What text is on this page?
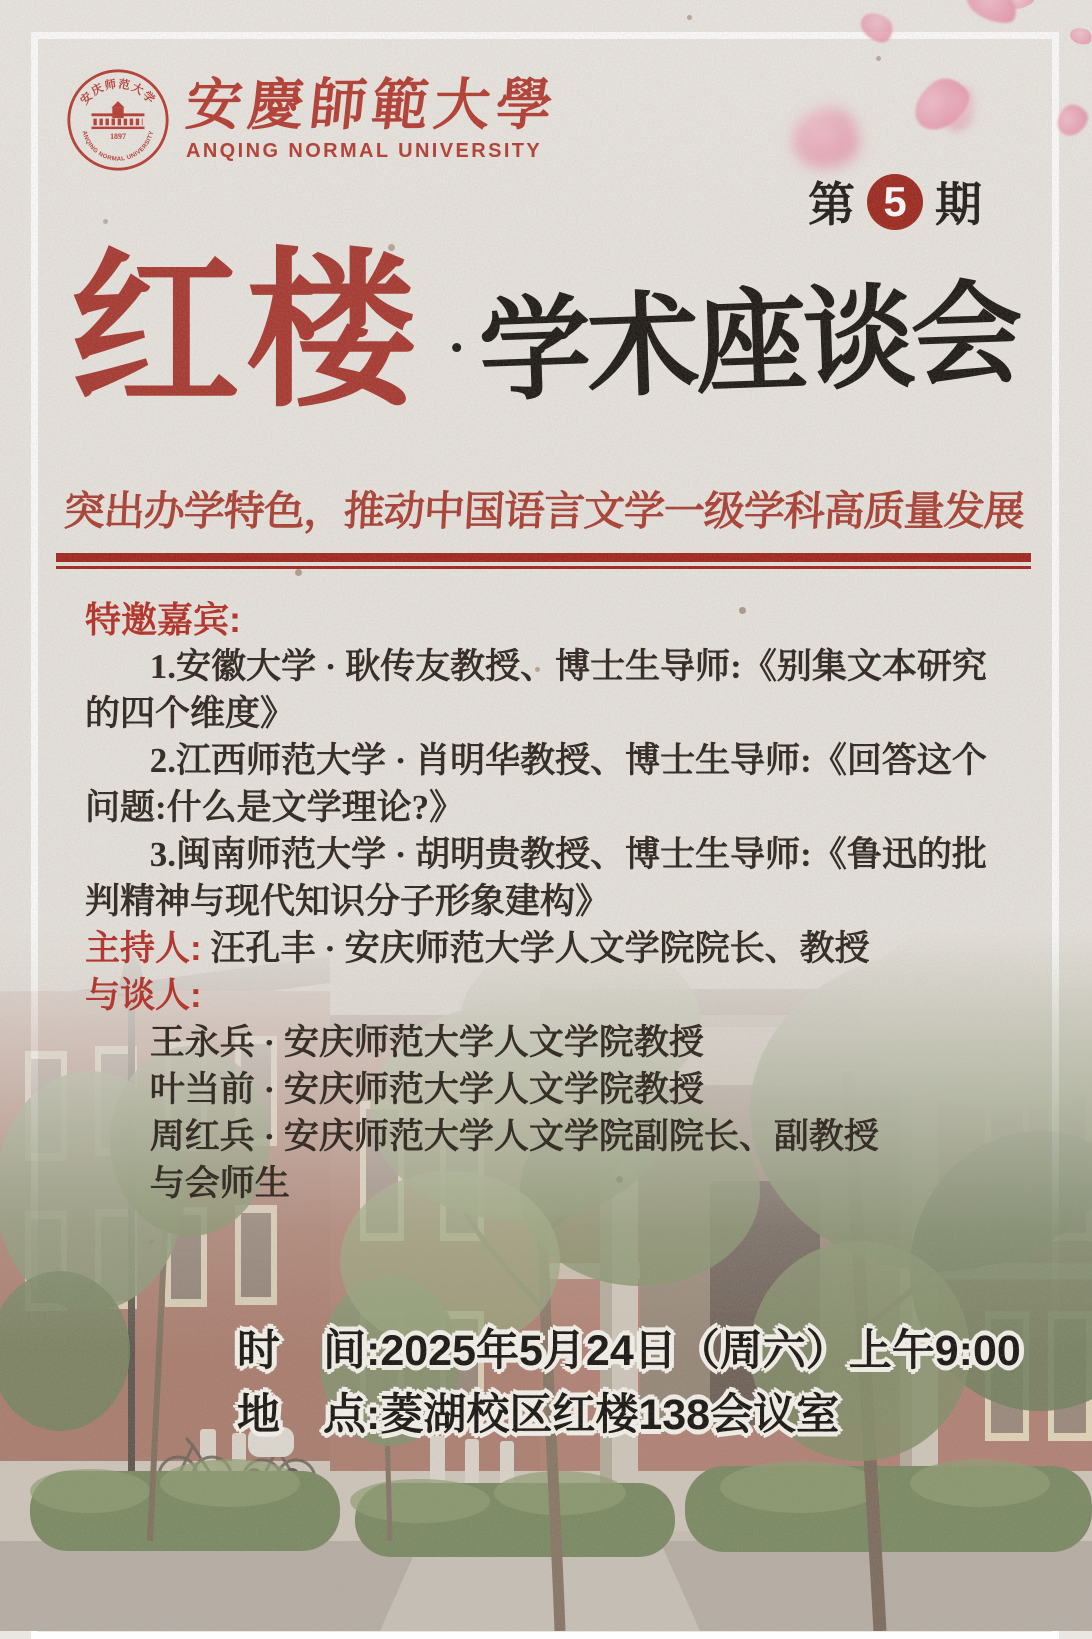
安庆师范大学
ANQING NORMAL UNIVERSITY
1897 安慶師範大學
ANQING NORMAL UNIVERSITY
第 5 期
红楼 · 学术座谈会
突出办学特色，推动中国语言文学一级学科高质量发展

特邀嘉宾:

1.安徽大学 · 耿传友教授、博士生导师:《别集文本研究的四个维度》

2.江西师范大学 · 肖明华教授、博士生导师:《回答这个问题:什么是文学理论?》

3.闽南师范大学 · 胡明贵教授、博士生导师:《鲁迅的批判精神与现代知识分子形象建构》

主持人: 汪孔丰 · 安庆师范大学人文学院院长、教授

与谈人:

王永兵 · 安庆师范大学人文学院教授

叶当前 · 安庆师范大学人文学院教授

周红兵 · 安庆师范大学人文学院副院长、副教授

与会师生

时　间:2025年5月24日（周六）上午9:00
地　点:菱湖校区红楼138会议室
